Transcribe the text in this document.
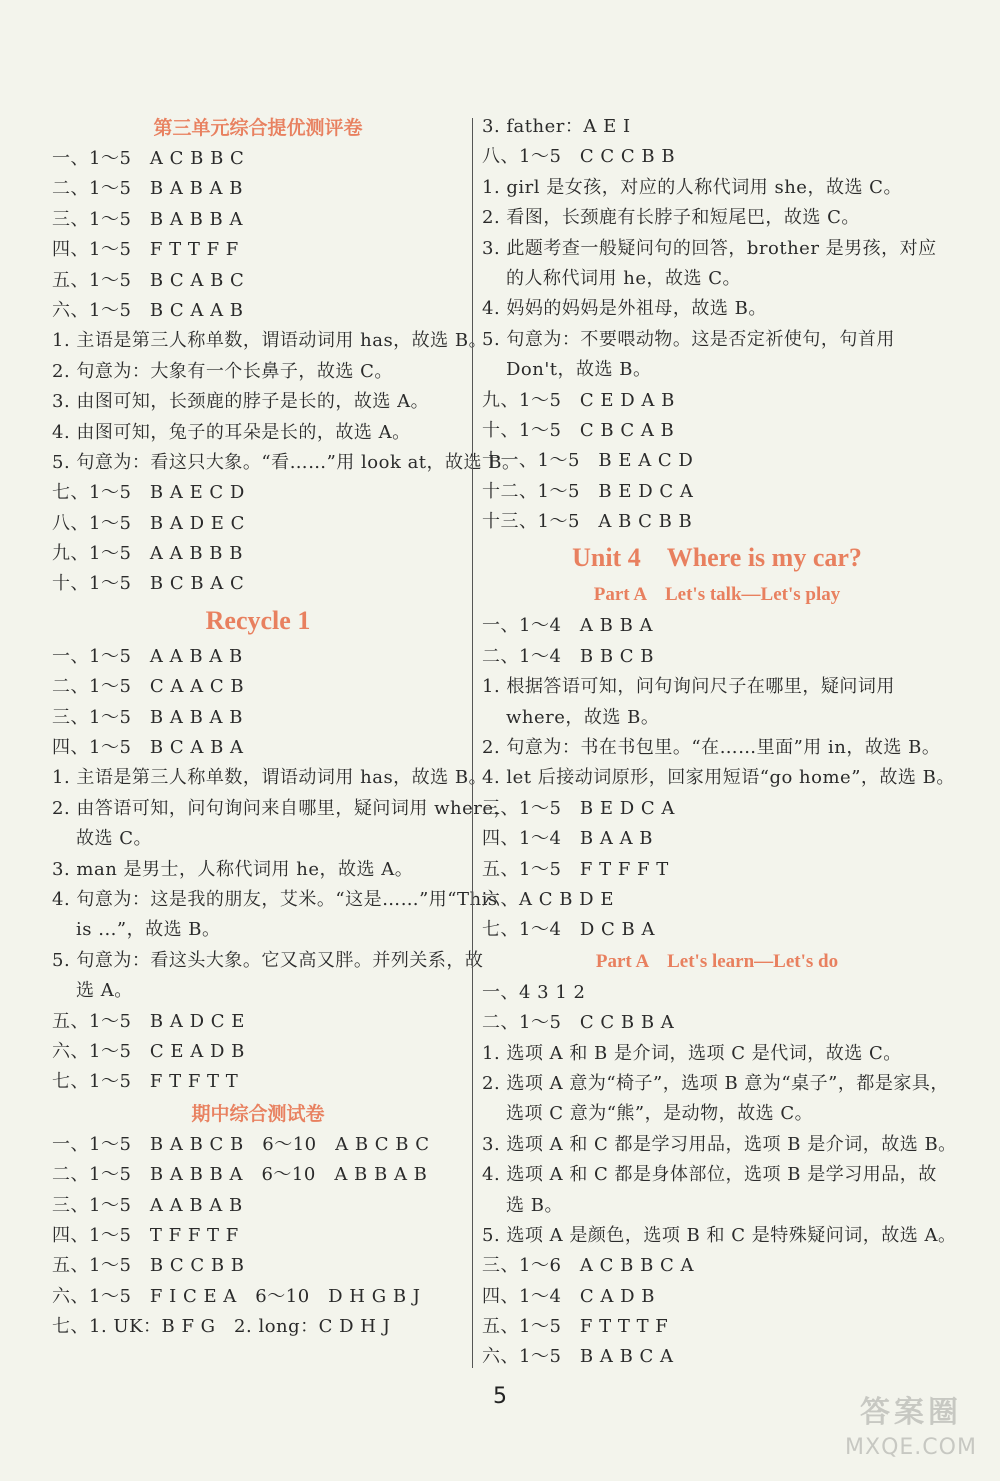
第三单元综合提优测评卷
一、1～5　A C B B C
二、1～5　B A B A B
三、1～5　B A B B A
四、1～5　F T T F F
五、1～5　B C A B C
六、1～5　B C A A B
1. 主语是第三人称单数，谓语动词用 has，故选 B。
2. 句意为：大象有一个长鼻子，故选 C。
3. 由图可知，长颈鹿的脖子是长的，故选 A。
4. 由图可知，兔子的耳朵是长的，故选 A。
5. 句意为：看这只大象。“看……”用 look at，故选 B。
七、1～5　B A E C D
八、1～5　B A D E C
九、1～5　A A B B B
十、1～5　B C B A C
Recycle 1
一、1～5　A A B A B
二、1～5　C A A C B
三、1～5　B A B A B
四、1～5　B C A B A
1. 主语是第三人称单数，谓语动词用 has，故选 B。
2. 由答语可知，问句询问来自哪里，疑问词用 where，
故选 C。
3. man 是男士，人称代词用 he，故选 A。
4. 句意为：这是我的朋友，艾米。“这是……”用“This
is ...”，故选 B。
5. 句意为：看这头大象。它又高又胖。并列关系，故
选 A。
五、1～5　B A D C E
六、1～5　C E A D B
七、1～5　F T F T T
期中综合测试卷
一、1～5　B A B C B　6～10　A B C B C
二、1～5　B A B B A　6～10　A B B A B
三、1～5　A A B A B
四、1～5　T F F T F
五、1～5　B C C B B
六、1～5　F I C E A　6～10　D H G B J
七、1. UK：B F G　2. long：C D H J
3. father：A E I
八、1～5　C C C B B
1. girl 是女孩，对应的人称代词用 she，故选 C。
2. 看图，长颈鹿有长脖子和短尾巴，故选 C。
3. 此题考查一般疑问句的回答，brother 是男孩，对应
的人称代词用 he，故选 C。
4. 妈妈的妈妈是外祖母，故选 B。
5. 句意为：不要喂动物。这是否定祈使句，句首用
Don't，故选 B。
九、1～5　C E D A B
十、1～5　C B C A B
十一、1～5　B E A C D
十二、1～5　B E D C A
十三、1～5　A B C B B
Unit 4　Where is my car?
Part A　Let's talk—Let's play
一、1～4　A B B A
二、1～4　B B C B
1. 根据答语可知，问句询问尺子在哪里，疑问词用
where，故选 B。
2. 句意为：书在书包里。“在……里面”用 in，故选 B。
4. let 后接动词原形，回家用短语“go home”，故选 B。
三、1～5　B E D C A
四、1～4　B A A B
五、1～5　F T F F T
六、A C B D E
七、1～4　D C B A
Part A　Let's learn—Let's do
一、4 3 1 2
二、1～5　C C B B A
1. 选项 A 和 B 是介词，选项 C 是代词，故选 C。
2. 选项 A 意为“椅子”，选项 B 意为“桌子”，都是家具，
选项 C 意为“熊”，是动物，故选 C。
3. 选项 A 和 C 都是学习用品，选项 B 是介词，故选 B。
4. 选项 A 和 C 都是身体部位，选项 B 是学习用品，故
选 B。
5. 选项 A 是颜色，选项 B 和 C 是特殊疑问词，故选 A。
三、1～6　A C B B C A
四、1～4　C A D B
五、1～5　F T T T F
六、1～5　B A B C A
5	答案圈
MXQE.COM
